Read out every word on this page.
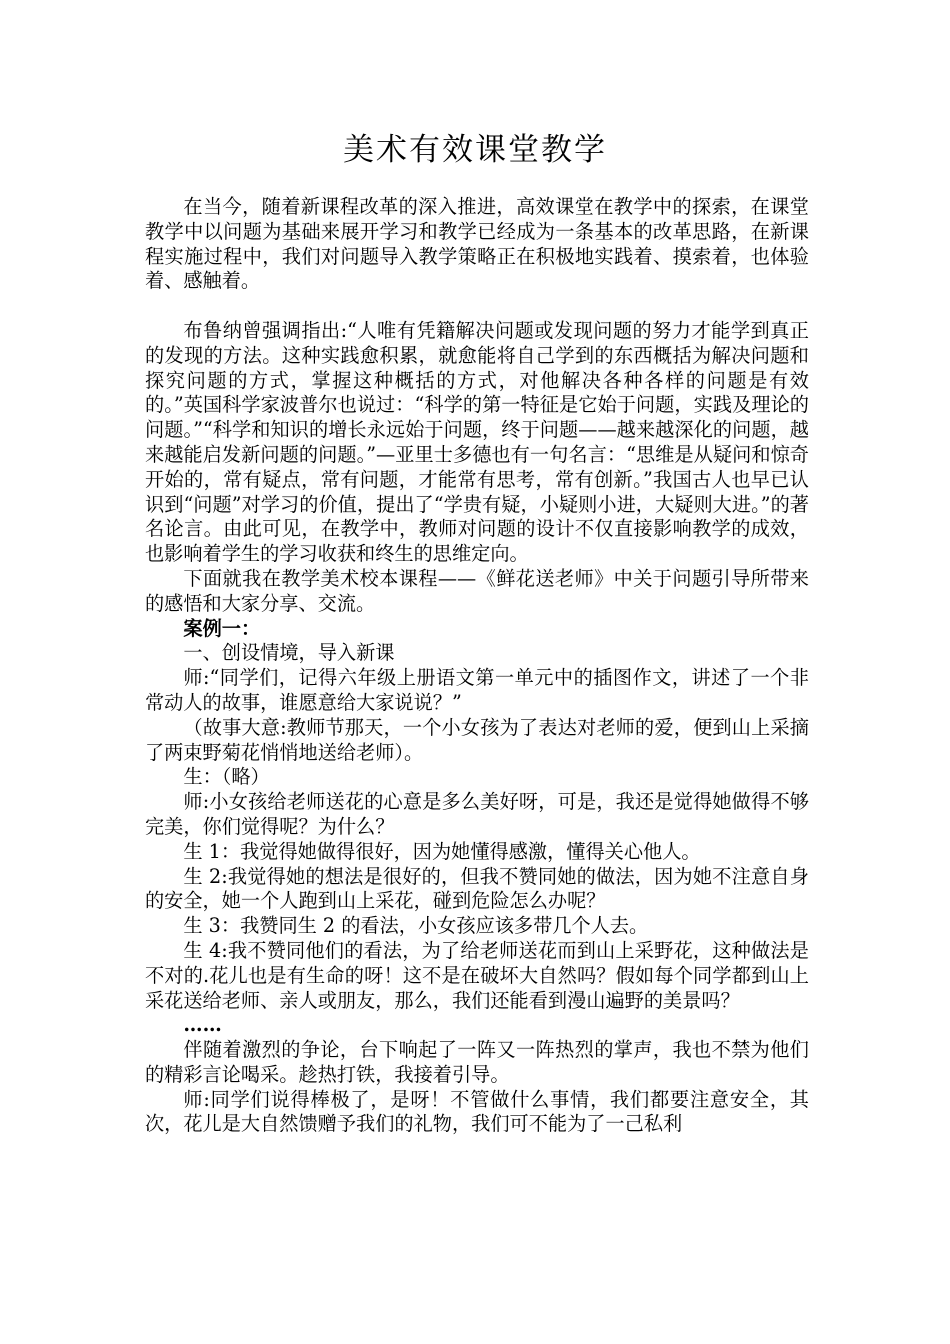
美术有效课堂教学

在当今，随着新课程改革的深入推进，高效课堂在教学中的探索，在课堂教学中以问题为基础来展开学习和教学已经成为一条基本的改革思路，在新课程实施过程中，我们对问题导入教学策略正在积极地实践着、摸索着，也体验着、感触着。

布鲁纳曾强调指出:“人唯有凭籍解决问题或发现问题的努力才能学到真正的发现的方法。这种实践愈积累，就愈能将自己学到的东西概括为解决问题和探究问题的方式，掌握这种概括的方式，对他解决各种各样的问题是有效的。”英国科学家波普尔也说过：“科学的第一特征是它始于问题，实践及理论的问题。”“科学和知识的增长永远始于问题，终于问题——越来越深化的问题，越来越能启发新问题的问题。”—亚里士多德也有一句名言：“思维是从疑问和惊奇开始的，常有疑点，常有问题，才能常有思考，常有创新。”我国古人也早已认识到“问题”对学习的价值，提出了“学贵有疑，小疑则小进，大疑则大进。”的著名论言。由此可见，在教学中，教师对问题的设计不仅直接影响教学的成效，也影响着学生的学习收获和终生的思维定向。

下面就我在教学美术校本课程——《鲜花送老师》中关于问题引导所带来的感悟和大家分享、交流。

案例一：

一、创设情境，导入新课

师:“同学们，记得六年级上册语文第一单元中的插图作文，讲述了一个非常动人的故事，谁愿意给大家说说？”

（故事大意:教师节那天，一个小女孩为了表达对老师的爱，便到山上采摘了两束野菊花悄悄地送给老师）。

生：（略）

师:小女孩给老师送花的心意是多么美好呀，可是，我还是觉得她做得不够完美，你们觉得呢？为什么？

生 1：我觉得她做得很好，因为她懂得感激，懂得关心他人。

生 2:我觉得她的想法是很好的，但我不赞同她的做法，因为她不注意自身的安全，她一个人跑到山上采花，碰到危险怎么办呢？

生 3：我赞同生 2 的看法，小女孩应该多带几个人去。

生 4:我不赞同他们的看法，为了给老师送花而到山上采野花，这种做法是不对的.花儿也是有生命的呀！这不是在破坏大自然吗？假如每个同学都到山上采花送给老师、亲人或朋友，那么，我们还能看到漫山遍野的美景吗？

……

伴随着激烈的争论，台下响起了一阵又一阵热烈的掌声，我也不禁为他们的精彩言论喝采。趁热打铁，我接着引导。

师:同学们说得棒极了，是呀！不管做什么事情，我们都要注意安全，其次，花儿是大自然馈赠予我们的礼物，我们可不能为了一己私利
